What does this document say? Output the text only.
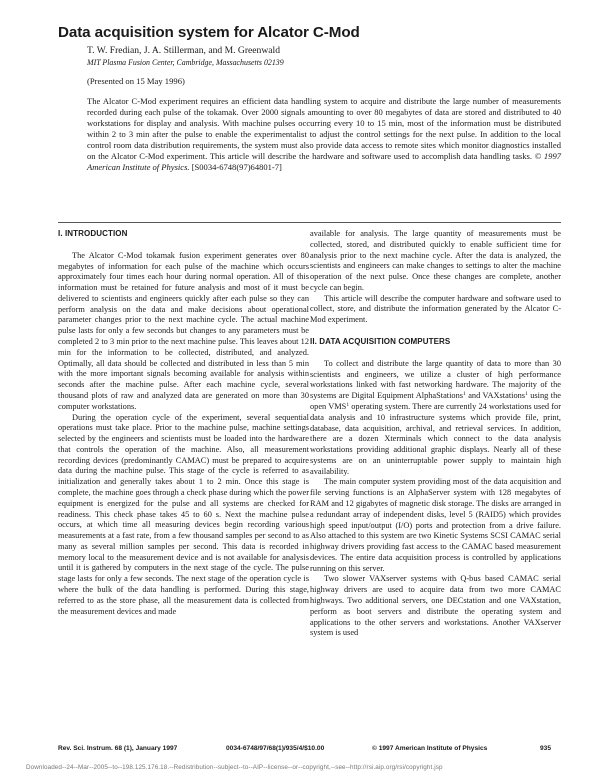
Data acquisition system for Alcator C-Mod
T. W. Fredian, J. A. Stillerman, and M. Greenwald
MIT Plasma Fusion Center, Cambridge, Massachusetts 02139
(Presented on 15 May 1996)
The Alcator C-Mod experiment requires an efficient data handling system to acquire and distribute the large number of measurements recorded during each pulse of the tokamak. Over 2000 signals amounting to over 80 megabytes of data are stored and distributed to 40 workstations for display and analysis. With machine pulses occurring every 10 to 15 min, most of the information must be distributed within 2 to 3 min after the pulse to enable the experimentalist to adjust the control settings for the next pulse. In addition to the local control room data distribution requirements, the system must also provide data access to remote sites which monitor diagnostics installed on the Alcator C-Mod experiment. This article will describe the hardware and software used to accomplish data handling tasks. © 1997 American Institute of Physics. [S0034-6748(97)64801-7]
I. INTRODUCTION

The Alcator C-Mod tokamak fusion experiment generates over 80 megabytes of information for each pulse of the machine which occurs approximately four times each hour during normal operation. All of this information must be retained for future analysis and most of it must be delivered to scientists and engineers quickly after each pulse so they can perform analysis on the data and make decisions about operational parameter changes prior to the next machine cycle. The actual machine pulse lasts for only a few seconds but changes to any parameters must be completed 2 to 3 min prior to the next machine pulse. This leaves about 12 min for the information to be collected, distributed, and analyzed. Optimally, all data should be collected and distributed in less than 5 min with the more important signals becoming available for analysis within seconds after the machine pulse. After each machine cycle, several thousand plots of raw and analyzed data are generated on more than 30 computer workstations.

During the operation cycle of the experiment, several sequential operations must take place. Prior to the machine pulse, machine settings selected by the engineers and scientists must be loaded into the hardware that controls the operation of the machine. Also, all measurement recording devices (predominantly CAMAC) must be prepared to acquire data during the machine pulse. This stage of the cycle is referred to as initialization and generally takes about 1 to 2 min. Once this stage is complete, the machine goes through a check phase during which the power equipment is energized for the pulse and all systems are checked for readiness. This check phase takes 45 to 60 s. Next the machine pulse occurs, at which time all measuring devices begin recording various measurements at a fast rate, from a few thousand samples per second to as many as several million samples per second. This data is recorded in memory local to the measurement device and is not available for analysis until it is gathered by computers in the next stage of the cycle. The pulse stage lasts for only a few seconds. The next stage of the operation cycle is where the bulk of the data handling is performed. During this stage, referred to as the store phase, all the measurement data is collected from the measurement devices and made

available for analysis. The large quantity of measurements must be collected, stored, and distributed quickly to enable sufficient time for analysis prior to the next machine cycle. After the data is analyzed, the scientists and engineers can make changes to settings to alter the machine operation of the next pulse. Once these changes are complete, another cycle can begin.

This article will describe the computer hardware and software used to collect, store, and distribute the information generated by the Alcator C-Mod experiment.

II. DATA ACQUISITION COMPUTERS

To collect and distribute the large quantity of data to more than 30 scientists and engineers, we utilize a cluster of high performance workstations linked with fast networking hardware. The majority of the systems are Digital Equipment AlphaStations$^1$ and VAXstations$^1$ using the open VMS$^1$ operating system. There are currently 24 workstations used for data analysis and 10 infrastructure systems which provide file, print, database, data acquisition, archival, and retrieval services. In addition, there are a dozen Xterminals which connect to the data analysis workstations providing additional graphic displays. Nearly all of these systems are on an uninterruptable power supply to maintain high availability.

The main computer system providing most of the data acquisition and file serving functions is an AlphaServer system with 128 megabytes of RAM and 12 gigabytes of magnetic disk storage. The disks are arranged in a redundant array of independent disks, level 5 (RAID5) which provides high speed input/output (I/O) ports and protection from a drive failure. Also attached to this system are two Kinetic Systems SCSI CAMAC serial highway drivers providing fast access to the CAMAC based measurement devices. The entire data acquisition process is controlled by applications running on this server.

Two slower VAXserver systems with Q-bus based CAMAC serial highway drivers are used to acquire data from two more CAMAC highways. Two additional servers, one DECstation and one VAXstation, perform as boot servers and distribute the operating system and applications to the other servers and workstations. Another VAXserver system is used

Rev. Sci. Instrum. 68 (1), January 1997	0034-6748/97/68(1)/935/4/$10.00	© 1997 American Institute of Physics	935
Downloaded--24--Mar--2005--to--198.125.176.18.--Redistribution--subject--to--AIP--license--or--copyright,--see--http://rsi.aip.org/rsi/copyright.jsp
